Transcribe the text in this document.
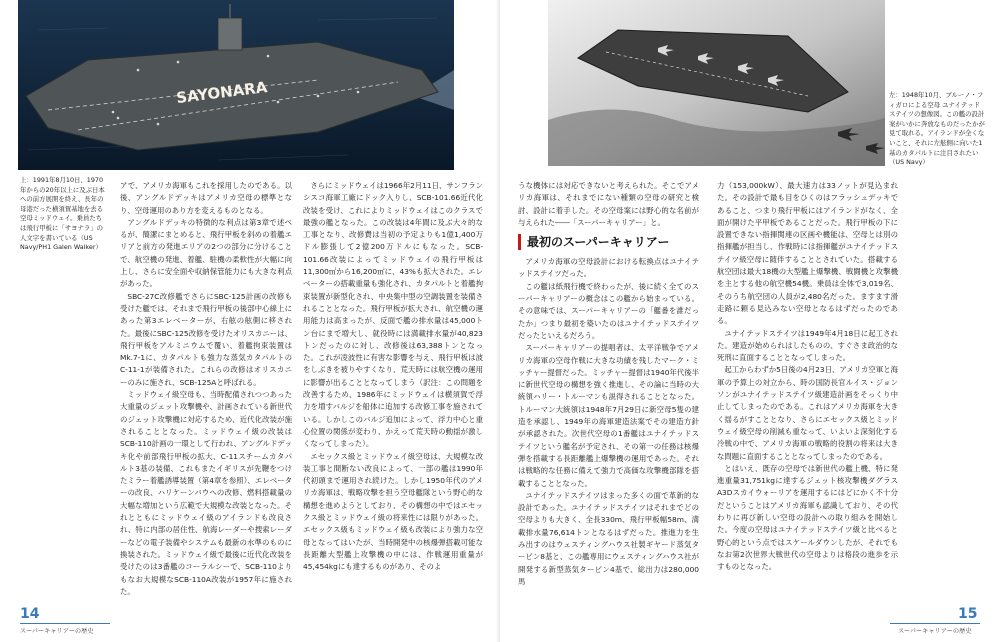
SAYONARA
上：1991年8月10日、1970年からの20年以上に及ぶ日本への前方展開を終え、長年の母港だった横須賀基地を去る空母ミッドウェイ。乗員たちは飛行甲板に「サヨナラ」の人文字を書いている（US Navy/PH1 Galen Walker）

アで、アメリカ海軍もこれを採用したのである。以後、アングルドデッキはアメリカ空母の標準となり、空母運用のあり方を変えるものとなる。

アングルドデッキの特徴的な利点は第3章で述べるが、簡潔にまとめると、飛行甲板を斜めの着艦エリアと前方の発進エリアの2つの部分に分けることで、航空機の発進、着艦、駐機の柔軟性が大幅に向上し、さらに安全面や収納保管能力にも大きな利点があった。

SBC-27C改修艦でさらにSBC-125計画の改修も受けた艦では、それまで飛行甲板の後部中心線上にあった第3エレベーターが、右舷の舷側に移された。最後にSBC-125改修を受けたオリスカニーは、飛行甲板をアルミニウムで覆い、着艦拘束装置はMk.7-1に、カタパルトも強力な蒸気カタパルトのC-11-1が装備された。これらの改修はオリスカニーのみに施され、SCB-125Aと呼ばれる。

ミッドウェイ級空母も、当時配備されつつあった大重量のジェット攻撃機や、計画されている新世代のジェット攻撃機に対応するため、近代化改装が施されることとなった。ミッドウェイ級の改装はSCB-110計画の一環として行われ、アングルドデッキ化や前部飛行甲板の拡大、C-11スチームカタパルト3基の装備、これもまたイギリスが先鞭をつけたミラー着艦誘導装置（第4章を参照）、エレベーターの改良、ハリケーンバウへの改修、燃料搭載量の大幅な増加という広範で大規模な改装となった。それとともにミッドウェイ級のアイランドも改良され、特に内部の居住性、航海レーダーや捜索レーダーなどの電子装備やシステムも最新の水準のものに換装された。ミッドウェイ級で最後に近代化改装を受けたのは3番艦のコーラルシーで、SCB-110よりもなお大規模なSCB-110A改装が1957年に施された。

さらにミッドウェイは1966年2月11日、サンフランシスコ海軍工廠にドック入りし、SCB-101.66近代化改装を受け、これによりミッドウェイはこのクラスで最強の艦となった。この改装は4年間に及ぶ大々的な工事となり、改修費は当初の予定よりも1億1,400万ドル膨張して2億200万ドルにもなった。SCB-101.66改装によってミッドウェイの飛行甲板は11,300㎡から16,200㎡に、43%も拡大された。エレベーターの搭載重量も強化され、カタパルトと着艦拘束装置が新型化され、中央集中型の空調装置を装備されることとなった。飛行甲板が拡大され、航空機の運用能力は高まったが、反面で艦の排水量は45,000トン台にまで増大し、就役時には満載排水量が40,823トンだったのに対し、改修後は63,388トンとなった。これが凌波性に有害な影響を与え、飛行甲板は波をしぶきを被りやすくなり、荒天時には航空機の運用に影響が出ることとなってしまう（訳注：この問題を改善するため、1986年にミッドウェイは横須賀で浮力を増すバルジを船体に追加する改修工事を施されている。しかしこのバルジ追加によって、浮力中心と重心位置の関係が変わり、かえって荒天時の動揺が激しくなってしまった）。

エセックス級とミッドウェイ級空母は、大規模な改装工事と間断ない改良によって、一部の艦は1990年代初頭まで運用され続けた。しかし1950年代のアメリカ海軍は、戦略攻撃を担う空母艦隊という野心的な構想を進めようとしており、その構想の中ではエセックス級とミッドウェイ級の将来性には限りがあった。エセックス級もミッドウェイ級も改装により強力な空母となってはいたが、当時開発中の核爆弾搭載可能な長距離大型艦上攻撃機の中には、作戦運用重量が45,454kgにも達するものがあり、そのよ

14
スーパーキャリアーの歴史
左：1948年10月、ブルーノ・フィガロによる空母 ユナイテッドステイツの想像図。この艦の設計案がいかに奔放なものだったかが見て取れる。アイランドが全くないこと、それに左舷側に向いた1基のカタパルトに注目されたい（US Navy）

うな機体には対応できないと考えられた。そこでアメリカ海軍は、それまでにない種類の空母の研究と検討、設計に着手した。その空母案には野心的な名前が与えられた――「スーパーキャリアー」と。

最初のスーパーキャリアー

アメリカ海軍の空母設計における転換点はユナイテッドステイツだった。

この艦は紙飛行機で終わったが、後に続く全てのスーパーキャリアーの概念はこの艦から始まっている。その意味では、スーパーキャリアーの「艦番を誰だったか」つまり最初を築いたのはユナイテッドステイツだったといえるだろう。

スーパーキャリアーの提唱者は、太平洋戦争でアメリカ海軍の空母作戦に大きな功績を残したマーク・ミッチャー提督だった。ミッチャー提督は1940年代後半に新世代空母の構想を強く推進し、その論に当時の大統領ハリー・トルーマンも説得されることとなった。トルーマン大統領は1948年7月29日に新空母5隻の建造を承認し、1949年の海軍建造法案でその建造方針が承認された。次世代空母の1番艦はユナイテッドステイツという艦名が予定され、その第一の任務は核爆弾を搭載する長距離艦上爆撃機の運用であった。それは戦略的な任務に備えて強力で高価な攻撃機部隊を搭載することとなった。

ユナイテッドステイツはまった多くの面で革新的な設計であった。ユナイテッドステイツはそれまでどの空母よりも大きく、全長330m、飛行甲板幅58m、満載排水量76,614トンとなるはずだった。推進力を生み出すのはウェスティングハウス社製ギヤード蒸気タービン8基と、この艦専用にウェスティングハウス社が開発する新型蒸気タービン4基で、総出力は280,000馬

力（153,000kW）、最大速力は33ノットが見込まれた。その設計で最も目をひくのはフラッシュデッキであること、つまり飛行甲板にはアイランドがなく、全面が開けた平甲板であることだった。飛行甲板の下に設置できない指揮関連の区画や機能は、空母とは別の指揮艦が担当し、作戦時には指揮艦がユナイテッドステイツ級空母に随伴することとされていた。搭載する航空団は最大18機の大型艦上爆撃機、戦闘機と攻撃機を主とする他の航空機54機。乗員は全体で3,019名、そのうち航空団の人員が2,480名だった。ますます滑走路に頼る見込みない空母となるはずだったのである。

ユナイテッドステイツは1949年4月18日に起工された。建造が始められはしたものの、すぐさま政治的な死刑に直面することとなってしまった。

起工からわずか5日後の4月23日、アメリカ空軍と海軍の予算上の対立から、時の国防長官ルイス・ジョンソンがユナイテッドステイツ級建造計画をそっくり中止してしまったのである。これはアメリカ海軍を大きく揺るがすこととなり、さらにエセックス級とミッドウェイ級空母の削減も重なって、いよいよ深刻化する冷戦の中で、アメリカ海軍の戦略的役割の将来は大きな問題に直面することとなってしまったのである。

とはいえ、既存の空母では新世代の艦上機、特に発進重量31,751kgに達するジェット核攻撃機ダグラスA3Dスカイウォーリアを運用するにはどにかく不十分だということはアメリカ海軍も認識しており、その代わりに再び新しい空母の設計への取り組みを開始した。今度の空母はユナイテッドステイツ級と比べると野心的という点ではスケールダウンしたが、それでもなお第2次世界大戦世代の空母よりは格段の進歩を示すものとなった。

15
スーパーキャリアーの歴史
